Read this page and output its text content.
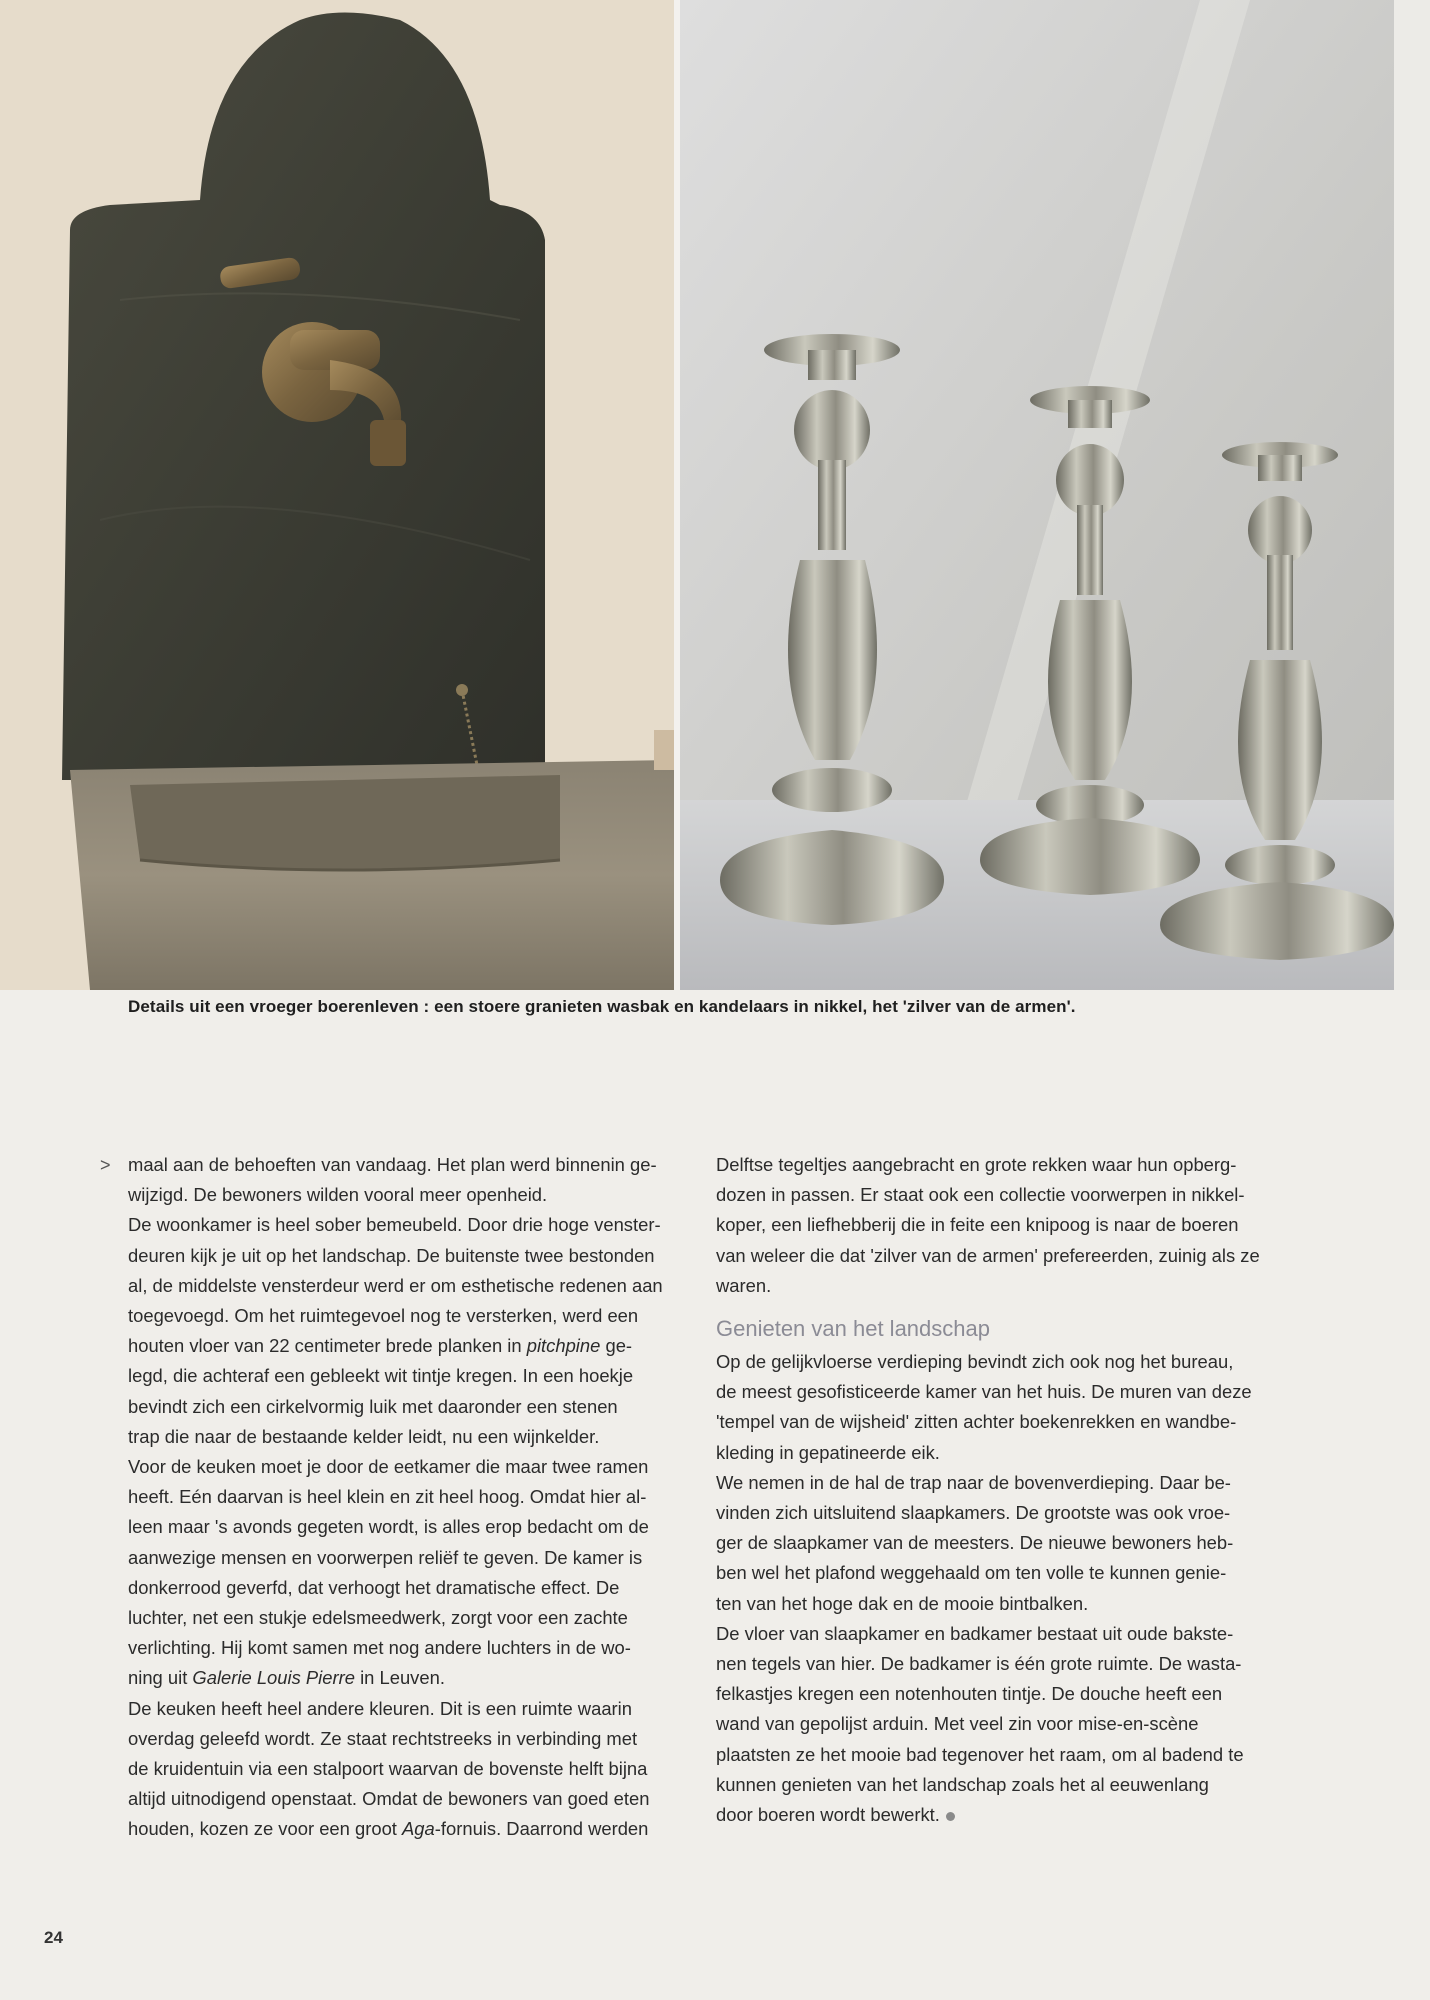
Details uit een vroeger boerenleven : een stoere granieten wasbak en kandelaars in nikkel, het 'zilver van de armen'.
> maal aan de behoeften van vandaag. Het plan werd binnenin ge-
wijzigd. De bewoners wilden vooral meer openheid.
De woonkamer is heel sober bemeubeld. Door drie hoge venster-
deuren kijk je uit op het landschap. De buitenste twee bestonden
al, de middelste vensterdeur werd er om esthetische redenen aan
toegevoegd. Om het ruimtegevoel nog te versterken, werd een
houten vloer van 22 centimeter brede planken in pitchpine ge-
legd, die achteraf een gebleekt wit tintje kregen. In een hoekje
bevindt zich een cirkelvormig luik met daaronder een stenen
trap die naar de bestaande kelder leidt, nu een wijnkelder.
Voor de keuken moet je door de eetkamer die maar twee ramen
heeft. Eén daarvan is heel klein en zit heel hoog. Omdat hier al-
leen maar 's avonds gegeten wordt, is alles erop bedacht om de
aanwezige mensen en voorwerpen reliëf te geven. De kamer is
donkerrood geverfd, dat verhoogt het dramatische effect. De
luchter, net een stukje edelsmeedwerk, zorgt voor een zachte
verlichting. Hij komt samen met nog andere luchters in de wo-
ning uit Galerie Louis Pierre in Leuven.
De keuken heeft heel andere kleuren. Dit is een ruimte waarin
overdag geleefd wordt. Ze staat rechtstreeks in verbinding met
de kruidentuin via een stalpoort waarvan de bovenste helft bijna
altijd uitnodigend openstaat. Omdat de bewoners van goed eten
houden, kozen ze voor een groot Aga-fornuis. Daarrond werden
Delftse tegeltjes aangebracht en grote rekken waar hun opberg-
dozen in passen. Er staat ook een collectie voorwerpen in nikkel-
koper, een liefhebberij die in feite een knipoog is naar de boeren
van weleer die dat 'zilver van de armen' prefereerden, zuinig als ze
waren.
Genieten van het landschap
Op de gelijkvloerse verdieping bevindt zich ook nog het bureau,
de meest gesofisticeerde kamer van het huis. De muren van deze
'tempel van de wijsheid' zitten achter boekenrekken en wandbe-
kleding in gepatineerde eik.
We nemen in de hal de trap naar de bovenverdieping. Daar be-
vinden zich uitsluitend slaapkamers. De grootste was ook vroe-
ger de slaapkamer van de meesters. De nieuwe bewoners heb-
ben wel het plafond weggehaald om ten volle te kunnen genie-
ten van het hoge dak en de mooie bintbalken.
De vloer van slaapkamer en badkamer bestaat uit oude bakste-
nen tegels van hier. De badkamer is één grote ruimte. De wasta-
felkastjes kregen een notenhouten tintje. De douche heeft een
wand van gepolijst arduin. Met veel zin voor mise-en-scène
plaatsten ze het mooie bad tegenover het raam, om al badend te
kunnen genieten van het landschap zoals het al eeuwenlang
door boeren wordt bewerkt.
24
